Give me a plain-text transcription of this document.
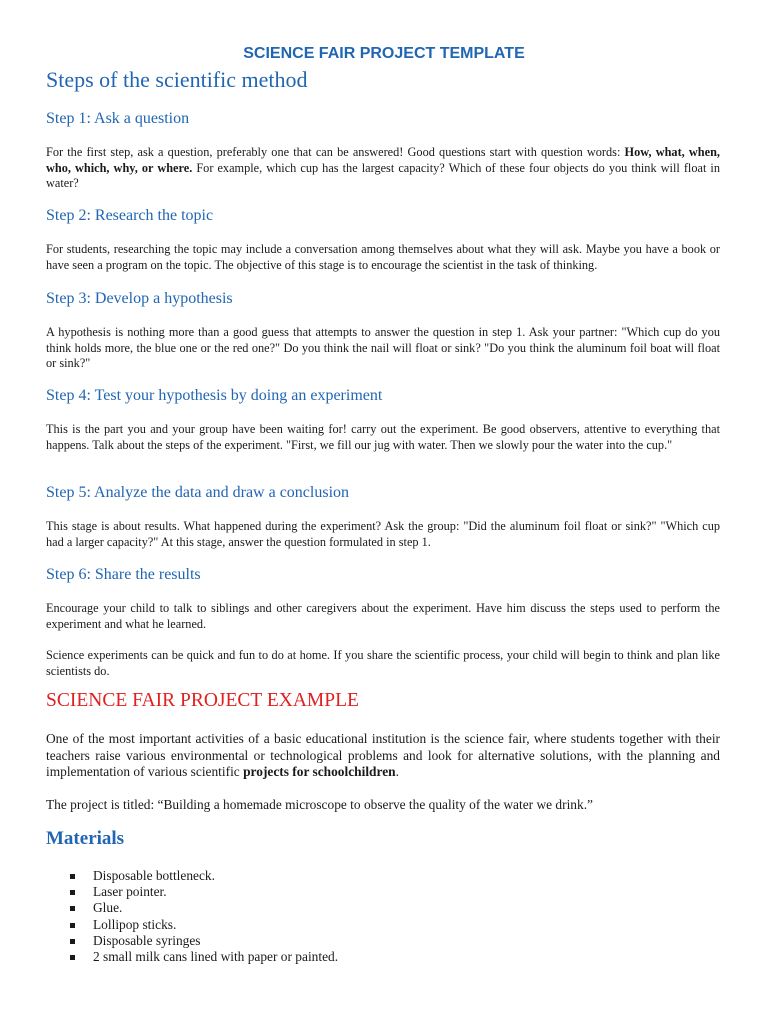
SCIENCE FAIR PROJECT TEMPLATE
Steps of the scientific method
Step 1: Ask a question

For the first step, ask a question, preferably one that can be answered! Good questions start with question words: How, what, when, who, which, why, or where. For example, which cup has the largest capacity? Which of these four objects do you think will float in water?

Step 2: Research the topic

For students, researching the topic may include a conversation among themselves about what they will ask. Maybe you have a book or have seen a program on the topic. The objective of this stage is to encourage the scientist in the task of thinking.

Step 3: Develop a hypothesis

A hypothesis is nothing more than a good guess that attempts to answer the question in step 1. Ask your partner: "Which cup do you think holds more, the blue one or the red one?" Do you think the nail will float or sink? "Do you think the aluminum foil boat will float or sink?"

Step 4: Test your hypothesis by doing an experiment

This is the part you and your group have been waiting for! carry out the experiment. Be good observers, attentive to everything that happens. Talk about the steps of the experiment. "First, we fill our jug with water. Then we slowly pour the water into the cup."

Step 5: Analyze the data and draw a conclusion

This stage is about results. What happened during the experiment? Ask the group: "Did the aluminum foil float or sink?" "Which cup had a larger capacity?" At this stage, answer the question formulated in step 1.

Step 6: Share the results

Encourage your child to talk to siblings and other caregivers about the experiment. Have him discuss the steps used to perform the experiment and what he learned.

Science experiments can be quick and fun to do at home. If you share the scientific process, your child will begin to think and plan like scientists do.

SCIENCE FAIR PROJECT EXAMPLE

One of the most important activities of a basic educational institution is the science fair, where students together with their teachers raise various environmental or technological problems and look for alternative solutions, with the planning and implementation of various scientific projects for schoolchildren.

The project is titled: “Building a homemade microscope to observe the quality of the water we drink.”

Materials
Disposable bottleneck.
Laser pointer.
Glue.
Lollipop sticks.
Disposable syringes
2 small milk cans lined with paper or painted.
